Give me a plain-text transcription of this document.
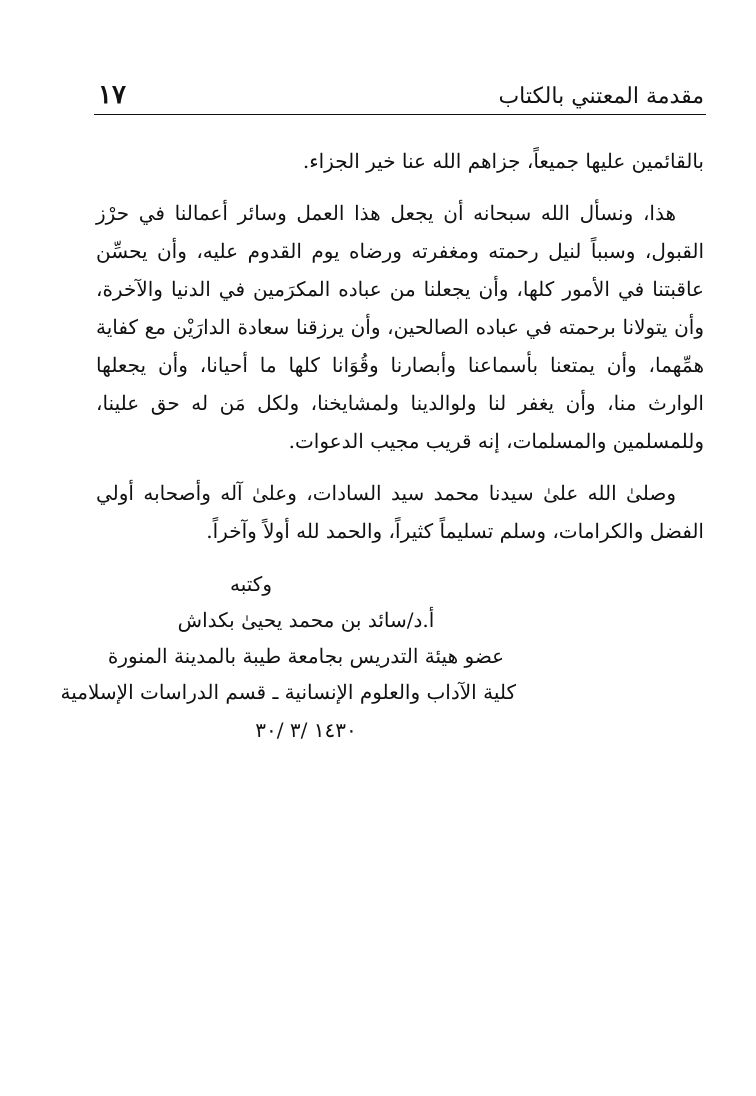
مقدمة المعتني بالكتاب
١٧

بالقائمين عليها جميعاً، جزاهم الله عنا خير الجزاء.

هذا، ونسأل الله سبحانه أن يجعل هذا العمل وسائر أعمالنا في حرْز القبول، وسبباً لنيل رحمته ومغفرته ورضاه يوم القدوم عليه، وأن يحسِّن عاقبتنا في الأمور كلها، وأن يجعلنا من عباده المكرَمين في الدنيا والآخرة، وأن يتولانا برحمته في عباده الصالحين، وأن يرزقنا سعادة الدارَيْن مع كفاية همِّهما، وأن يمتعنا بأسماعنا وأبصارنا وقُوَانا كلها ما أحيانا، وأن يجعلها الوارث منا، وأن يغفر لنا ولوالدينا ولمشايخنا، ولكل مَن له حق علينا، وللمسلمين والمسلمات، إنه قريب مجيب الدعوات.

وصلىٰ الله علىٰ سيدنا محمد سيد السادات، وعلىٰ آله وأصحابه أولي الفضل والكرامات، وسلم تسليماً كثيراً، والحمد لله أولاً وآخراً.

وكتبه
أ.د/سائد بن محمد يحيىٰ بكداش
عضو هيئة التدريس بجامعة طيبة بالمدينة المنورة
كلية الآداب والعلوم الإنسانية ـ قسم الدراسات الإسلامية
١٤٣٠ /٣ /٣٠
